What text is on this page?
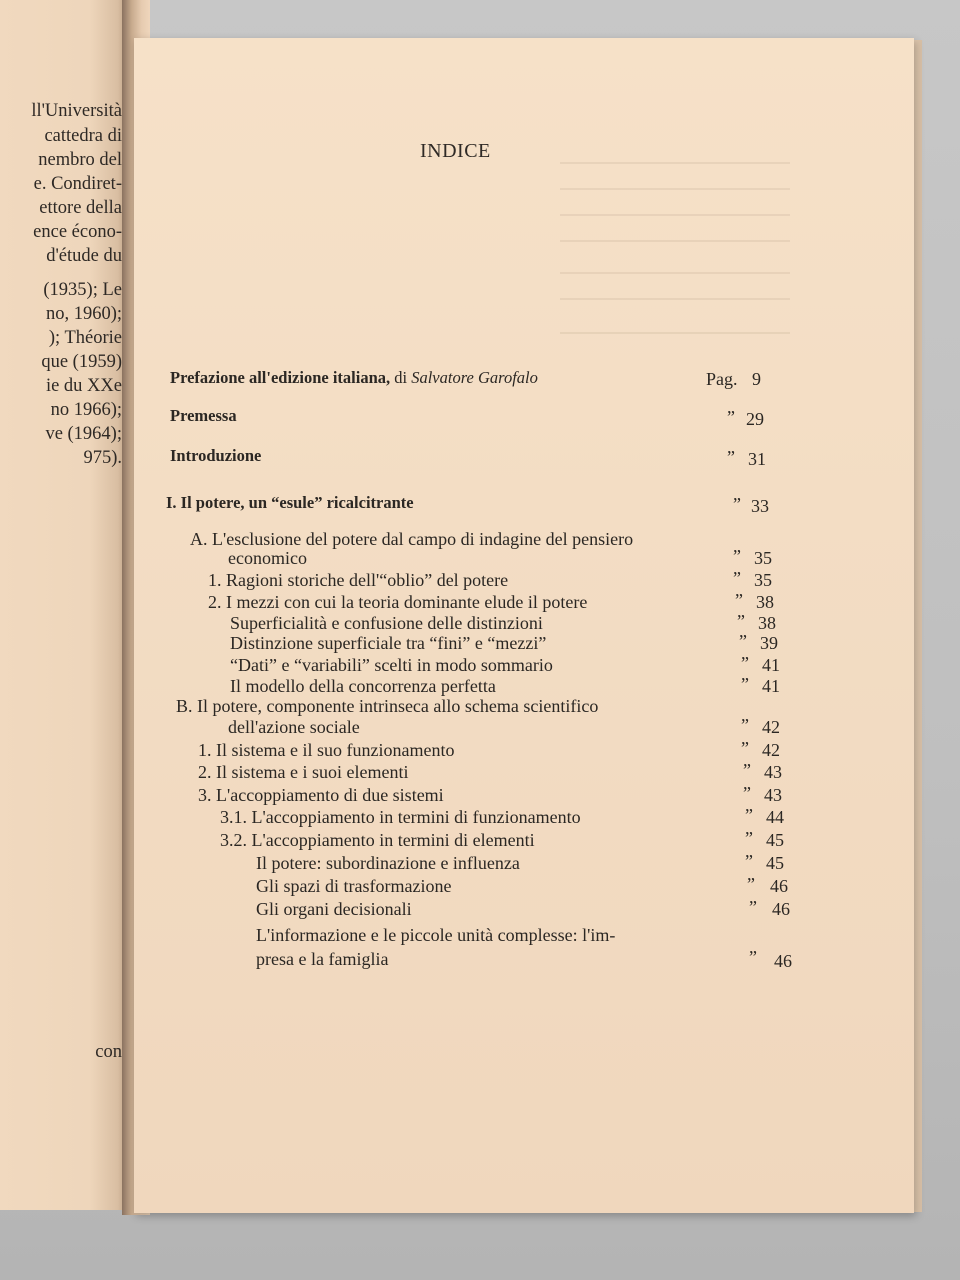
ll'Università
cattedra di
nembro del
e. Condiret-
ettore della
ence écono-
d'étude du
(1935); Le
no, 1960);
); Théorie
que (1959)
ie du XXe
no 1966);
ve (1964);
975).
con
INDICE
Prefazione all'edizione italiana, di Salvatore Garofalo	Pag. 9
Premessa	” 29
Introduzione	” 31
I. Il potere, un “esule” ricalcitrante	” 33
A. L'esclusione del potere dal campo di indagine del pensiero
economico	” 35
1. Ragioni storiche dell'“oblio” del potere	” 35
2. I mezzi con cui la teoria dominante elude il potere	” 38
Superficialità e confusione delle distinzioni	” 38
Distinzione superficiale tra “fini” e “mezzi”	” 39
“Dati” e “variabili” scelti in modo sommario	” 41
Il modello della concorrenza perfetta	” 41
B. Il potere, componente intrinseca allo schema scientifico
dell'azione sociale	” 42
1. Il sistema e il suo funzionamento	” 42
2. Il sistema e i suoi elementi	” 43
3. L'accoppiamento di due sistemi	” 43
3.1. L'accoppiamento in termini di funzionamento	” 44
3.2. L'accoppiamento in termini di elementi	” 45
Il potere: subordinazione e influenza	” 45
Gli spazi di trasformazione	” 46
Gli organi decisionali	” 46
L'informazione e le piccole unità complesse: l'im-
presa e la famiglia	” 46
